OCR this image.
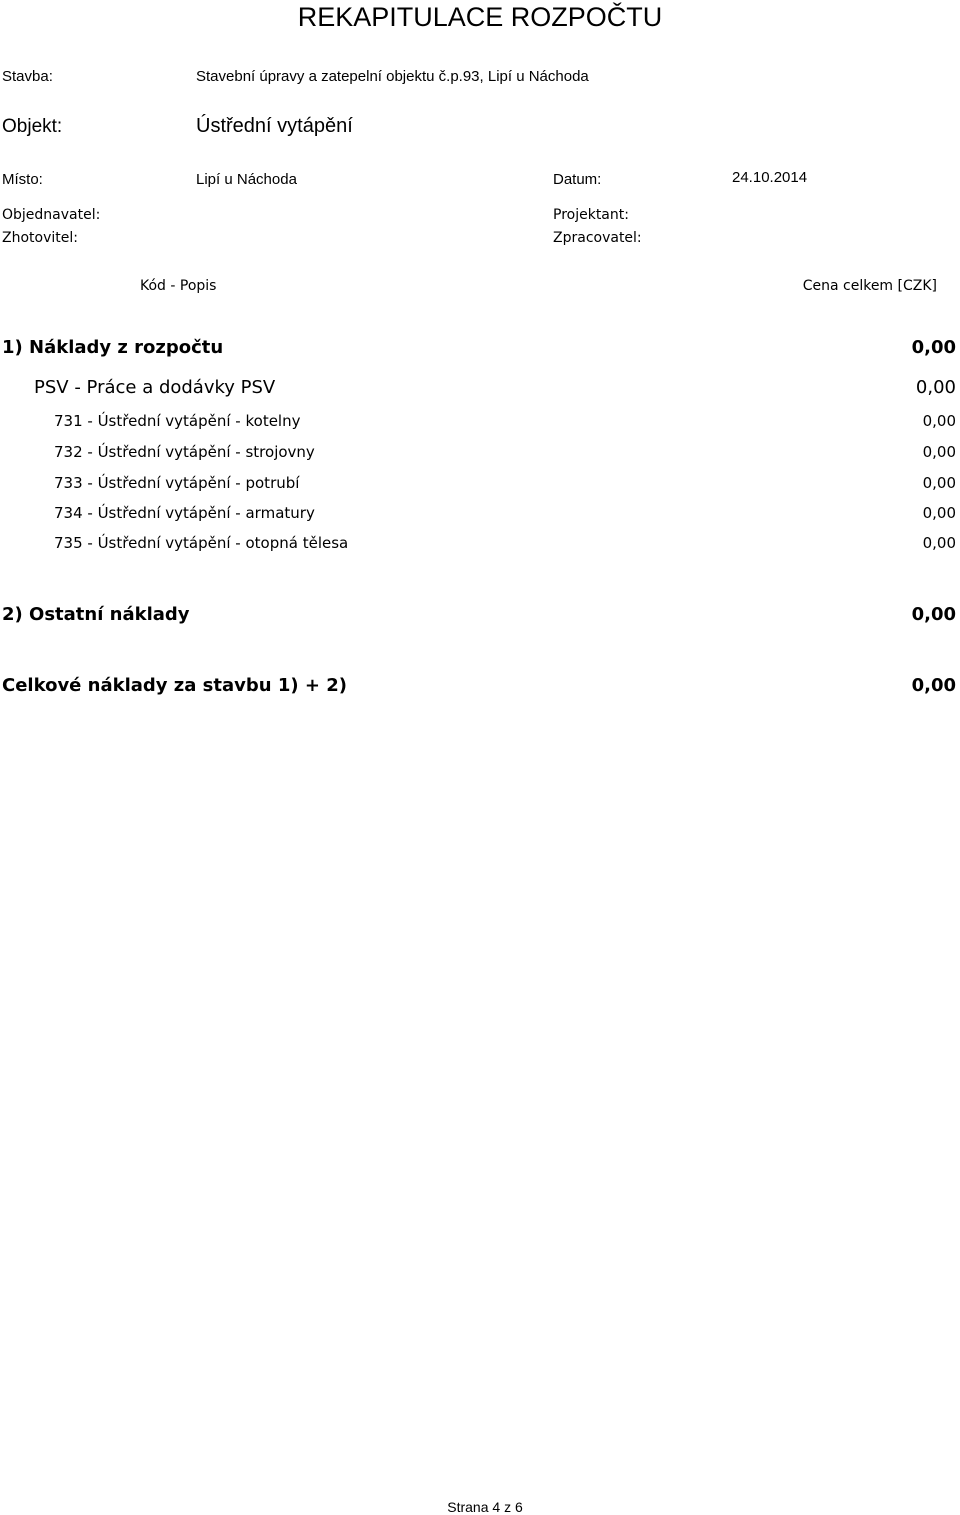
REKAPITULACE ROZPOČTU
Stavba:	Stavební úpravy a zatepelní objektu č.p.93, Lipí u Náchoda
Objekt:	Ústřední vytápění
Místo:	Lipí u Náchoda	Datum:	24.10.2014
Objednavatel:	Projektant:
Zhotovitel:	Zpracovatel:
Kód - Popis	Cena celkem [CZK]
1) Náklady z rozpočtu	0,00
PSV - Práce a dodávky PSV	0,00
731 - Ústřední vytápění - kotelny	0,00
732 - Ústřední vytápění - strojovny	0,00
733 - Ústřední vytápění - potrubí	0,00
734 - Ústřední vytápění - armatury	0,00
735 - Ústřední vytápění - otopná tělesa	0,00
2) Ostatní náklady	0,00
Celkové náklady za stavbu 1) + 2)	0,00
Strana 4 z 6
